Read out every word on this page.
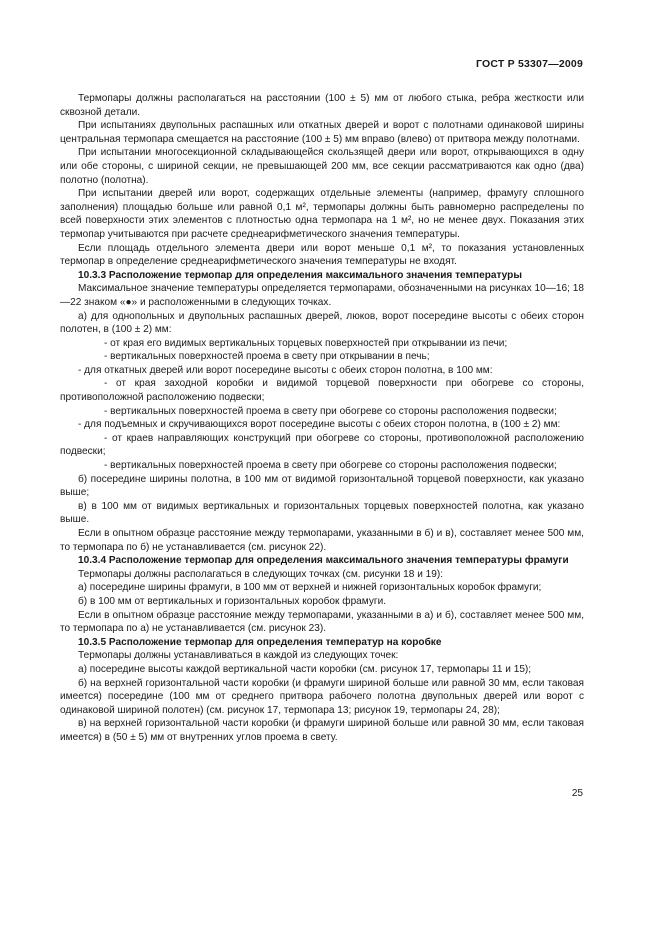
ГОСТ Р 53307—2009

Термопары должны располагаться на расстоянии (100 ± 5) мм от любого стыка, ребра жесткости или сквозной детали.

При испытаниях двупольных распашных или откатных дверей и ворот с полотнами одинаковой ширины центральная термопара смещается на расстояние (100 ± 5) мм вправо (влево) от притвора между полотнами.

При испытании многосекционной складывающейся скользящей двери или ворот, открывающихся в одну или обе стороны, с шириной секции, не превышающей 200 мм, все секции рассматриваются как одно (два) полотно (полотна).

При испытании дверей или ворот, содержащих отдельные элементы (например, фрамугу сплошного заполнения) площадью больше или равной 0,1 м², термопары должны быть равномерно распределены по всей поверхности этих элементов с плотностью одна термопара на 1 м², но не менее двух. Показания этих термопар учитываются при расчете среднеарифметического значения температуры.

Если площадь отдельного элемента двери или ворот меньше 0,1 м², то показания установленных термопар в определение среднеарифметического значения температуры не входят.

10.3.3 Расположение термопар для определения максимального значения температуры

Максимальное значение температуры определяется термопарами, обозначенными на рисунках 10—16; 18—22 знаком «●» и расположенными в следующих точках.

а) для однопольных и двупольных распашных дверей, люков, ворот посередине высоты с обеих сторон полотен, в (100 ± 2) мм:

- от края его видимых вертикальных торцевых поверхностей при открывании из печи;

- вертикальных поверхностей проема в свету при открывании в печь;

- для откатных дверей или ворот посередине высоты с обеих сторон полотна, в 100 мм:

- от края заходной коробки и видимой торцевой поверхности при обогреве со стороны, противоположной расположению подвески;

- вертикальных поверхностей проема в свету при обогреве со стороны расположения подвески;

- для подъемных и скручивающихся ворот посередине высоты с обеих сторон полотна, в (100 ± 2) мм:

- от краев направляющих конструкций при обогреве со стороны, противоположной расположению подвески;

- вертикальных поверхностей проема в свету при обогреве со стороны расположения подвески;

б) посередине ширины полотна, в 100 мм от видимой горизонтальной торцевой поверхности, как указано выше;

в) в 100 мм от видимых вертикальных и горизонтальных торцевых поверхностей полотна, как указано выше.

Если в опытном образце расстояние между термопарами, указанными в б) и в), составляет менее 500 мм, то термопара по б) не устанавливается (см. рисунок 22).

10.3.4 Расположение термопар для определения максимального значения температуры фрамуги

Термопары должны располагаться в следующих точках (см. рисунки 18 и 19):

а) посередине ширины фрамуги, в 100 мм от верхней и нижней горизонтальных коробок фрамуги;

б) в 100 мм от вертикальных и горизонтальных коробок фрамуги.

Если в опытном образце расстояние между термопарами, указанными в а) и б), составляет менее 500 мм, то термопара по а) не устанавливается (см. рисунок 23).

10.3.5 Расположение термопар для определения температур на коробке

Термопары должны устанавливаться в каждой из следующих точек:

а) посередине высоты каждой вертикальной части коробки (см. рисунок 17, термопары 11 и 15);

б) на верхней горизонтальной части коробки (и фрамуги шириной больше или равной 30 мм, если таковая имеется) посередине (100 мм от среднего притвора рабочего полотна двупольных дверей или ворот с одинаковой шириной полотен) (см. рисунок 17, термопара 13; рисунок 19, термопары 24, 28);

в) на верхней горизонтальной части коробки (и фрамуги шириной больше или равной 30 мм, если таковая имеется) в (50 ± 5) мм от внутренних углов проема в свету.

25
